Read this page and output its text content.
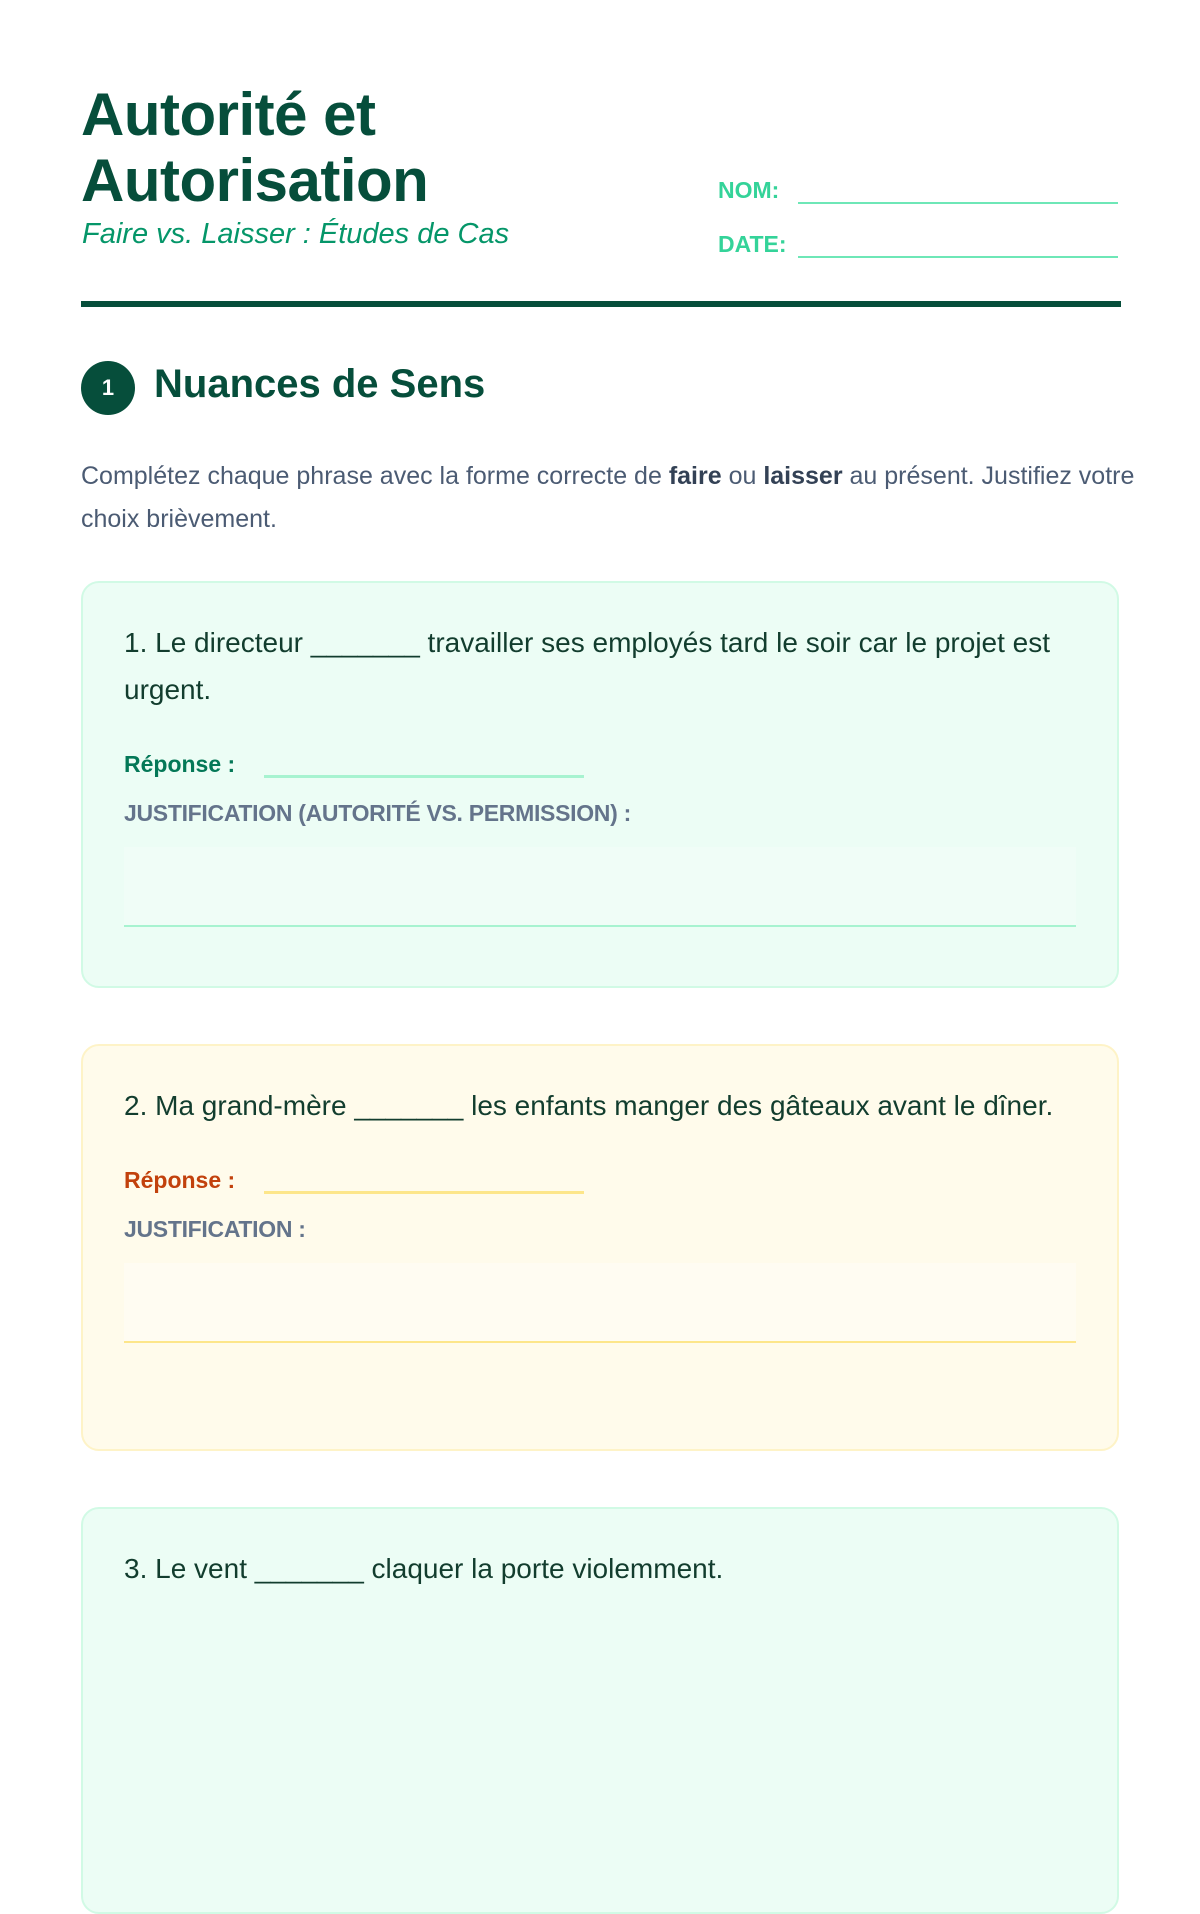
Autorité et
Autorisation
Faire vs. Laisser : Études de Cas
NOM:
DATE:
1 Nuances de Sens
Complétez chaque phrase avec la forme correcte de faire ou laisser au présent. Justifiez votre choix brièvement.
1. Le directeur _______ travailler ses employés tard le soir car le projet est urgent.
Réponse :
JUSTIFICATION (AUTORITÉ VS. PERMISSION) :
2. Ma grand-mère _______ les enfants manger des gâteaux avant le dîner.
Réponse :
JUSTIFICATION :
3. Le vent _______ claquer la porte violemment.
